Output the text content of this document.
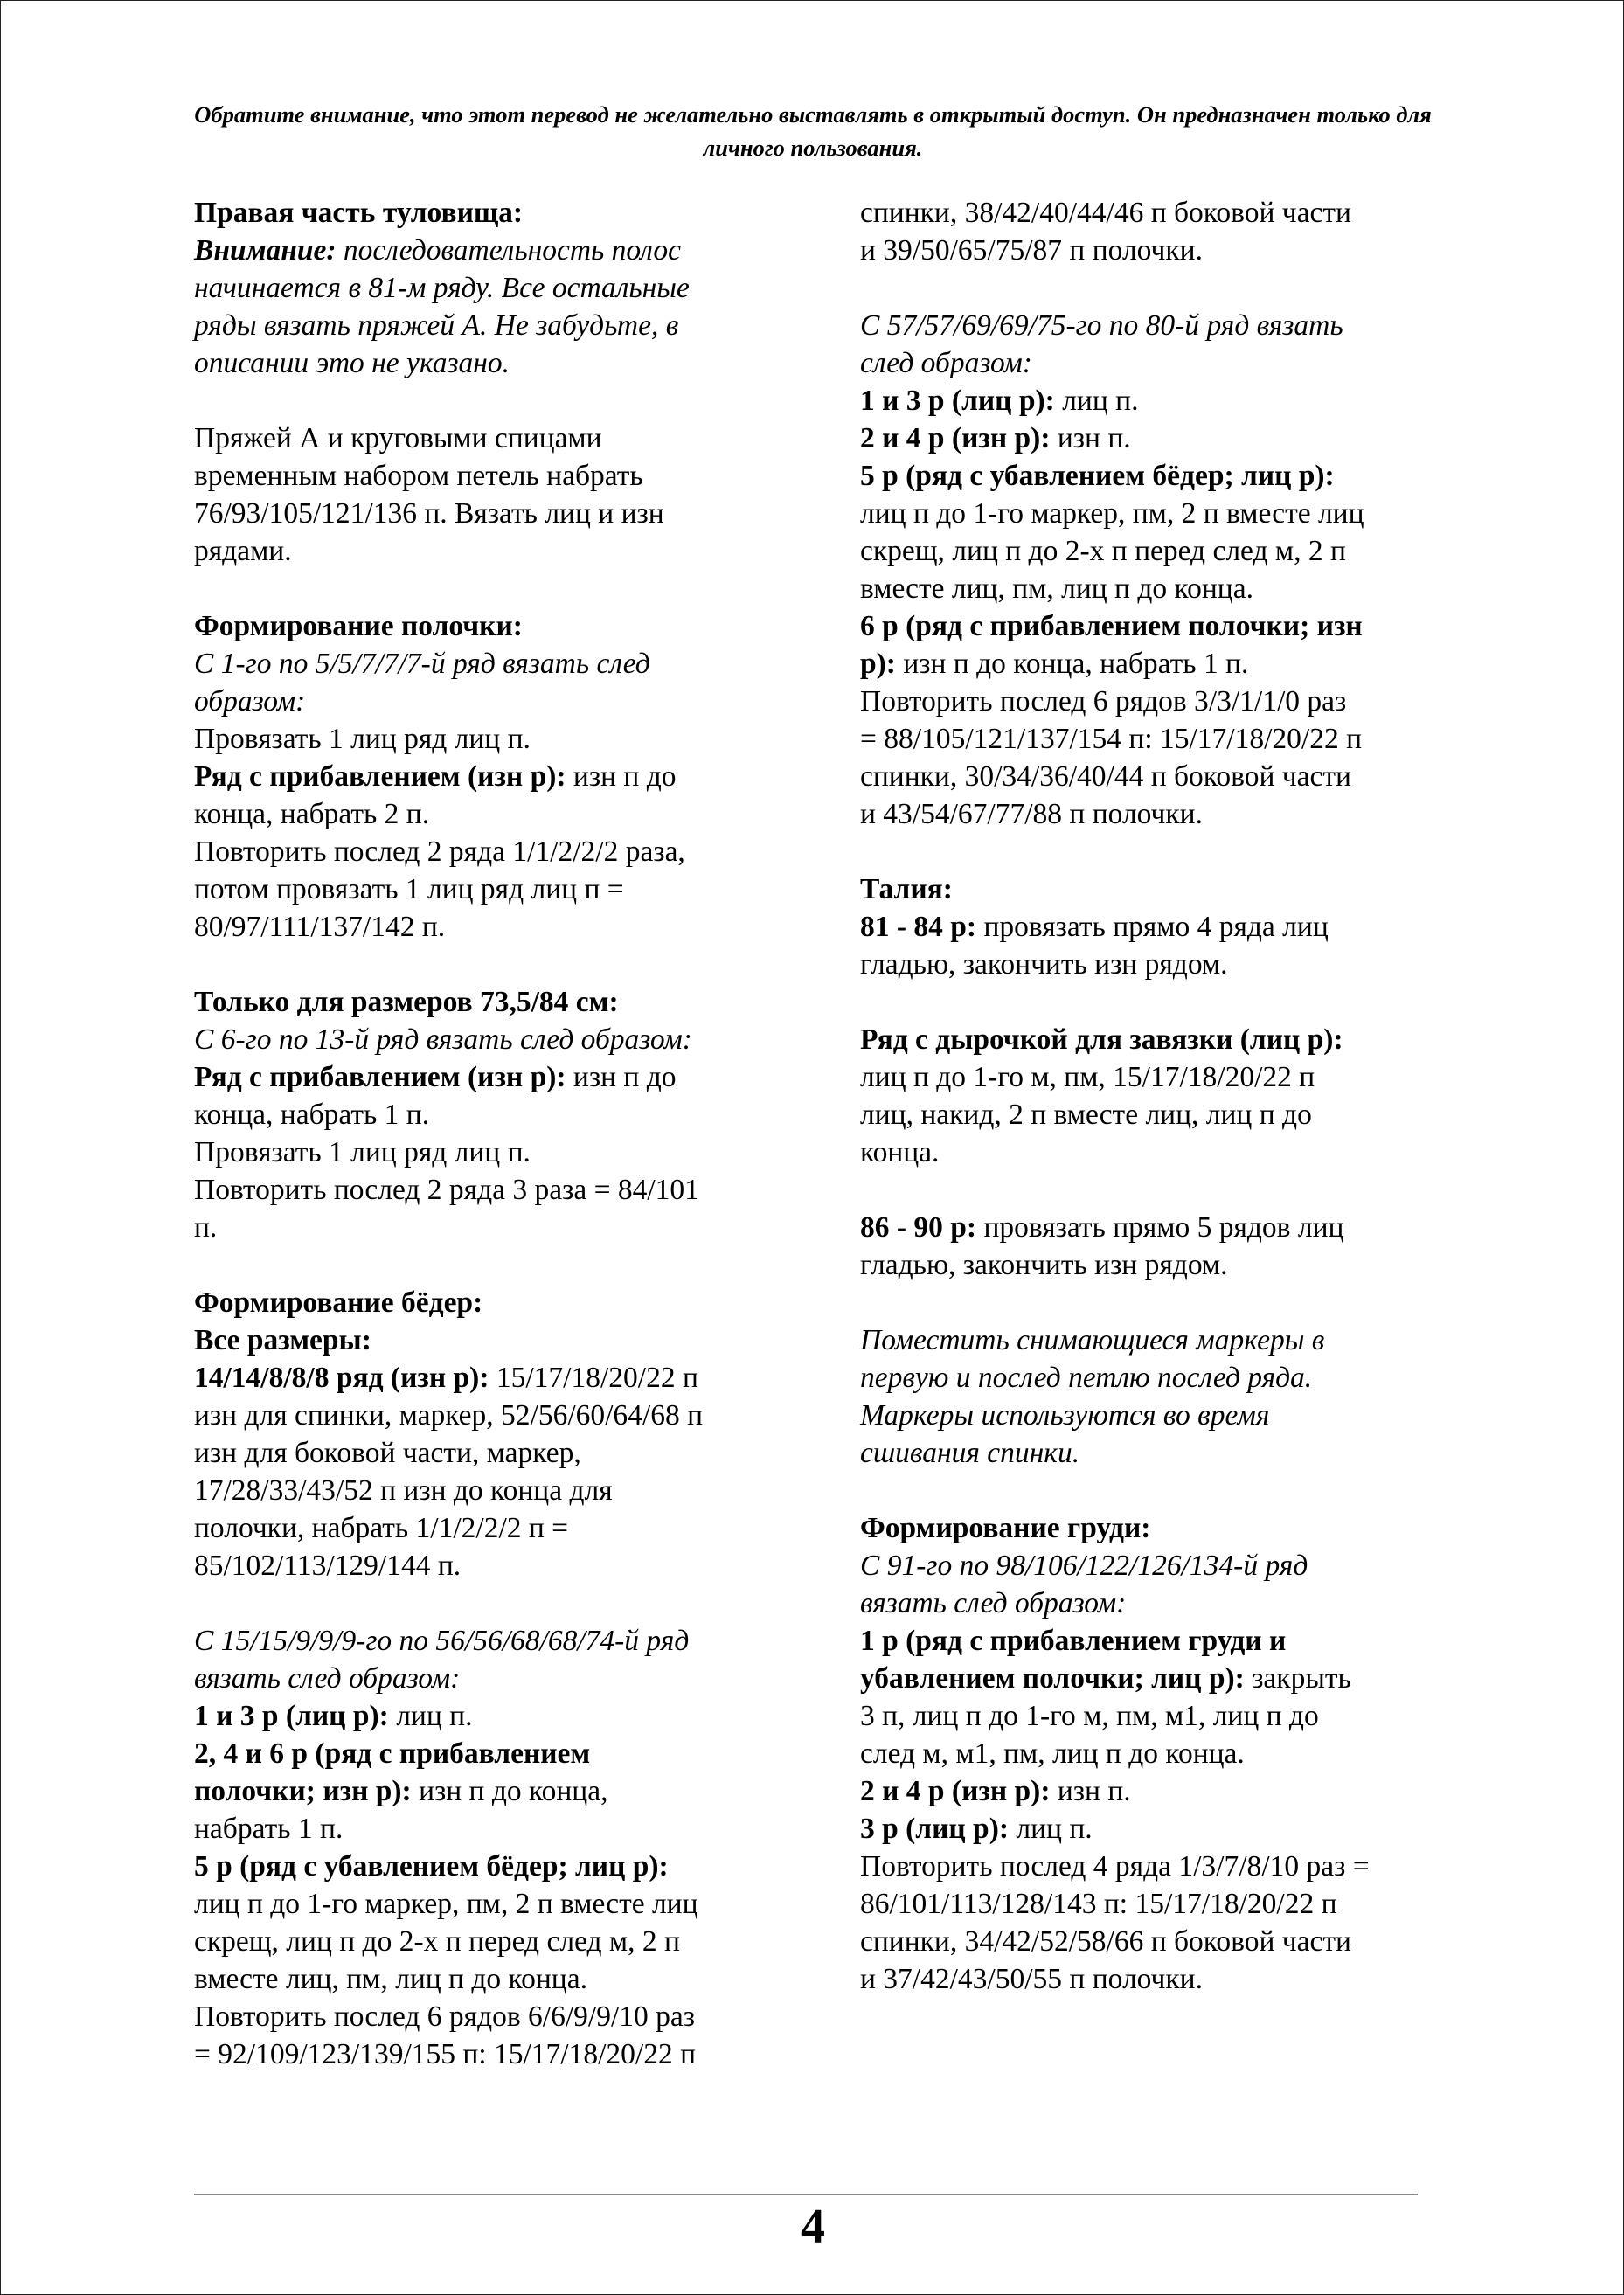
Обратите внимание, что этот перевод не желательно выставлять в открытый доступ. Он предназначен только для личного пользования.

Правая часть туловища:
Внимание: последовательность полос
начинается в 81-м ряду. Все остальные
ряды вязать пряжей А. Не забудьте, в
описании это не указано.

Пряжей А и круговыми спицами
временным набором петель набрать
76/93/105/121/136 п. Вязать лиц и изн
рядами.

Формирование полочки:
С 1-го по 5/5/7/7/7-й ряд вязать след
образом:
Провязать 1 лиц ряд лиц п.
Ряд с прибавлением (изн р): изн п до
конца, набрать 2 п.
Повторить послед 2 ряда 1/1/2/2/2 раза,
потом провязать 1 лиц ряд лиц п =
80/97/111/137/142 п.

Только для размеров 73,5/84 см:
С 6-го по 13-й ряд вязать след образом:
Ряд с прибавлением (изн р): изн п до
конца, набрать 1 п.
Провязать 1 лиц ряд лиц п.
Повторить послед 2 ряда 3 раза = 84/101
п.

Формирование бёдер:
Все размеры:
14/14/8/8/8 ряд (изн р): 15/17/18/20/22 п
изн для спинки, маркер, 52/56/60/64/68 п
изн для боковой части, маркер,
17/28/33/43/52 п изн до конца для
полочки, набрать 1/1/2/2/2 п =
85/102/113/129/144 п.

С 15/15/9/9/9-го по 56/56/68/68/74-й ряд
вязать след образом:
1 и 3 р (лиц р): лиц п.
2, 4 и 6 р (ряд с прибавлением
полочки; изн р): изн п до конца,
набрать 1 п.
5 р (ряд с убавлением бёдер; лиц р):
лиц п до 1-го маркер, пм, 2 п вместе лиц
скрещ, лиц п до 2-х п перед след м, 2 п
вместе лиц, пм, лиц п до конца.
Повторить послед 6 рядов 6/6/9/9/10 раз
= 92/109/123/139/155 п: 15/17/18/20/22 п

спинки, 38/42/40/44/46 п боковой части
и 39/50/65/75/87 п полочки.

С 57/57/69/69/75-го по 80-й ряд вязать
след образом:
1 и 3 р (лиц р): лиц п.
2 и 4 р (изн р): изн п.
5 р (ряд с убавлением бёдер; лиц р):
лиц п до 1-го маркер, пм, 2 п вместе лиц
скрещ, лиц п до 2-х п перед след м, 2 п
вместе лиц, пм, лиц п до конца.
6 р (ряд с прибавлением полочки; изн
р): изн п до конца, набрать 1 п.
Повторить послед 6 рядов 3/3/1/1/0 раз
= 88/105/121/137/154 п: 15/17/18/20/22 п
спинки, 30/34/36/40/44 п боковой части
и 43/54/67/77/88 п полочки.

Талия:
81 - 84 р: провязать прямо 4 ряда лиц
гладью, закончить изн рядом.

Ряд с дырочкой для завязки (лиц р):
лиц п до 1-го м, пм, 15/17/18/20/22 п
лиц, накид, 2 п вместе лиц, лиц п до
конца.

86 - 90 р: провязать прямо 5 рядов лиц
гладью, закончить изн рядом.

Поместить снимающиеся маркеры в
первую и послед петлю послед ряда.
Маркеры используются во время
сшивания спинки.

Формирование груди:
С 91-го по 98/106/122/126/134-й ряд
вязать след образом:
1 р (ряд с прибавлением груди и
убавлением полочки; лиц р): закрыть
3 п, лиц п до 1-го м, пм, м1, лиц п до
след м, м1, пм, лиц п до конца.
2 и 4 р (изн р): изн п.
3 р (лиц р): лиц п.
Повторить послед 4 ряда 1/3/7/8/10 раз =
86/101/113/128/143 п: 15/17/18/20/22 п
спинки, 34/42/52/58/66 п боковой части
и 37/42/43/50/55 п полочки.

4
